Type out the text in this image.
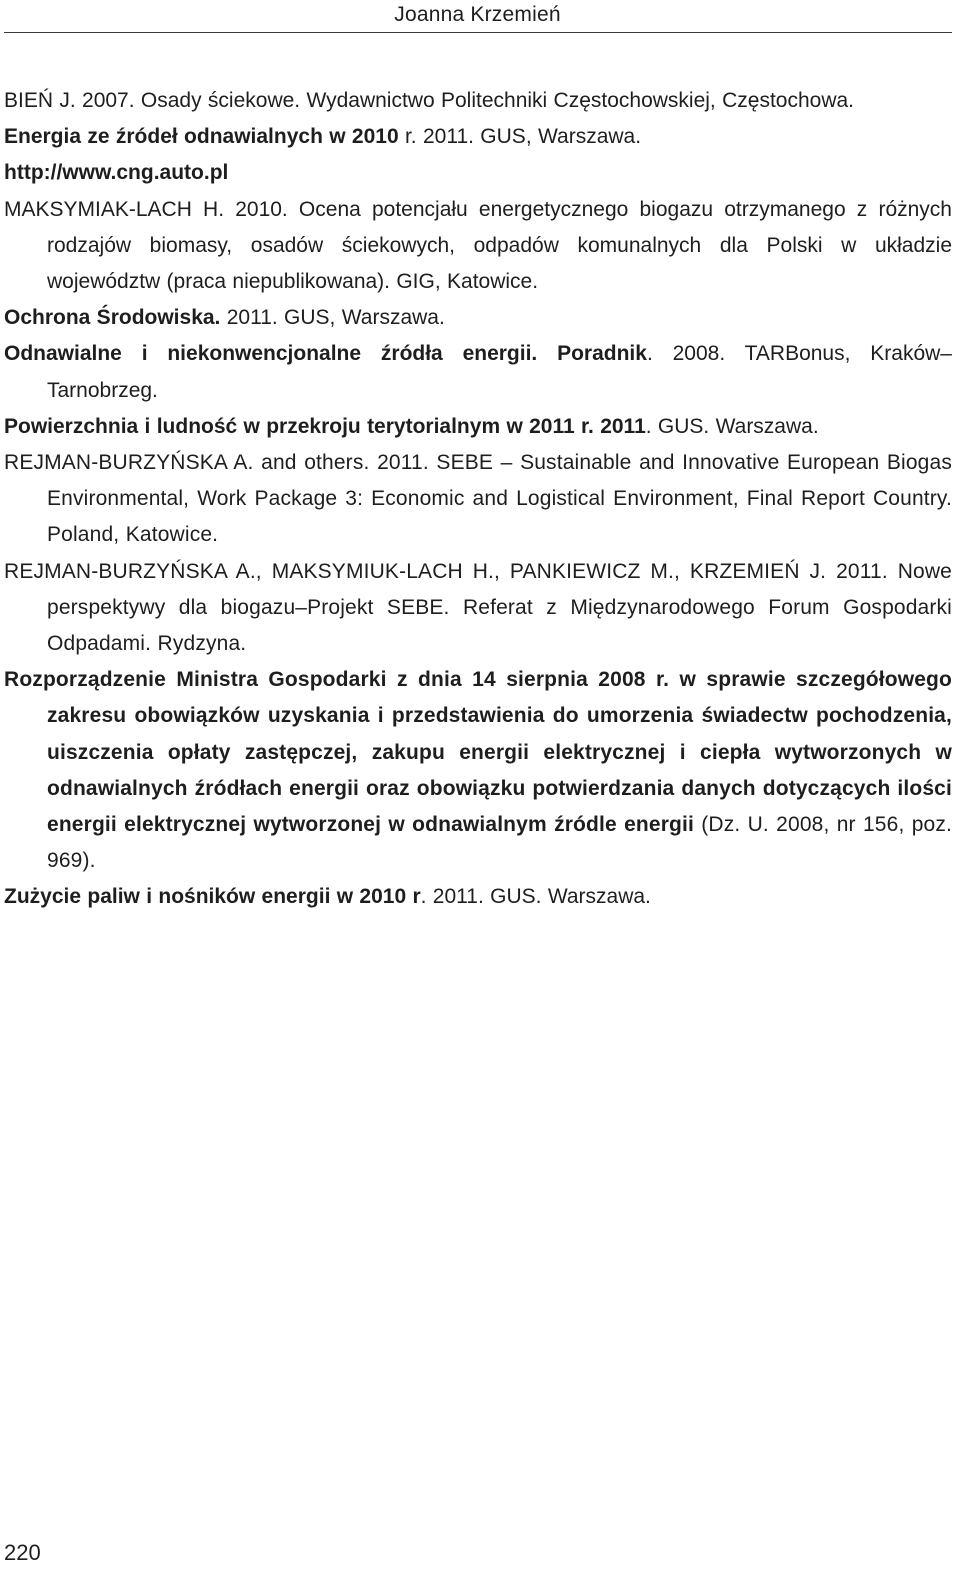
Joanna Krzemień
BIEŃ J. 2007. Osady ściekowe. Wydawnictwo Politechniki Częstochowskiej, Częstochowa.
Energia ze źródeł odnawialnych w 2010 r. 2011. GUS, Warszawa.
http://www.cng.auto.pl
MAKSYMIAK-LACH H. 2010. Ocena potencjału energetycznego biogazu otrzymanego z różnych rodzajów biomasy, osadów ściekowych, odpadów komunalnych dla Polski w układzie województw (praca niepublikowana). GIG, Katowice.
Ochrona Środowiska. 2011. GUS, Warszawa.
Odnawialne i niekonwencjonalne źródła energii. Poradnik. 2008. TARBonus, Kraków–Tarnobrzeg.
Powierzchnia i ludność w przekroju terytorialnym w 2011 r. 2011. GUS. Warszawa.
REJMAN-BURZYŃSKA A. and others. 2011. SEBE – Sustainable and Innovative European Biogas Environmental, Work Package 3: Economic and Logistical Environment, Final Report Country. Poland, Katowice.
REJMAN-BURZYŃSKA A., MAKSYMIUK-LACH H., PANKIEWICZ M., KRZEMIEŃ J. 2011. Nowe perspektywy dla biogazu–Projekt SEBE. Referat z Międzynarodowego Forum Gospodarki Odpadami. Rydzyna.
Rozporządzenie Ministra Gospodarki z dnia 14 sierpnia 2008 r. w sprawie szczegółowego zakresu obowiązków uzyskania i przedstawienia do umorzenia świadectw pochodzenia, uiszczenia opłaty zastępczej, zakupu energii elektrycznej i ciepła wytworzonych w odnawialnych źródłach energii oraz obowiązku potwierdzania danych dotyczących ilości energii elektrycznej wytworzonej w odnawialnym źródle energii (Dz. U. 2008, nr 156, poz. 969).
Zużycie paliw i nośników energii w 2010 r. 2011. GUS. Warszawa.
220
